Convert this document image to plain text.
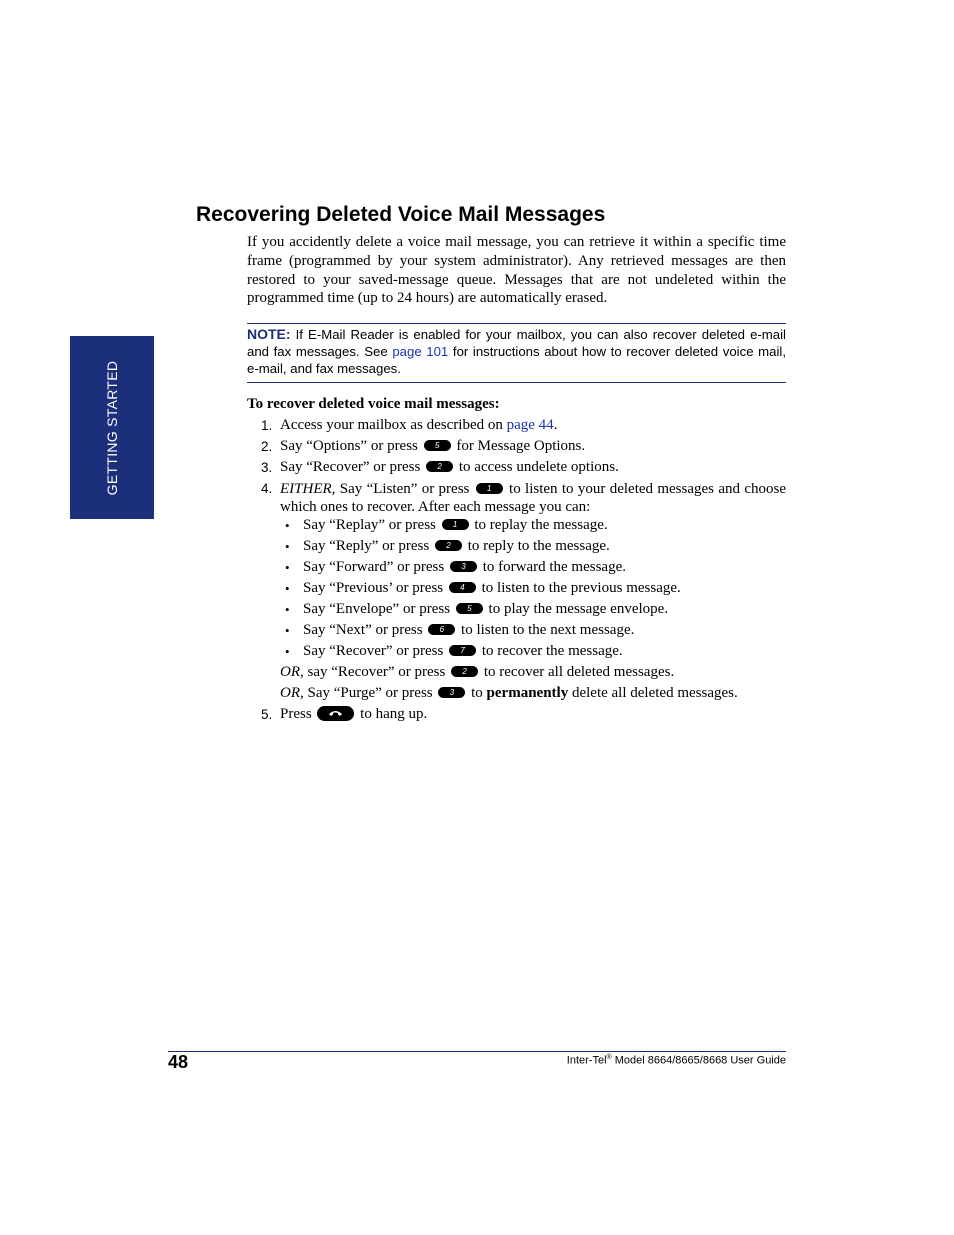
GETTING STARTED
Recovering Deleted Voice Mail Messages

If you accidently delete a voice mail message, you can retrieve it within a specific time frame (programmed by your system administrator). Any retrieved messages are then restored to your saved-message queue. Messages that are not undeleted within the programmed time (up to 24 hours) are automatically erased.

NOTE: If E-Mail Reader is enabled for your mailbox, you can also recover deleted e-mail and fax messages. See page 101 for instructions about how to recover deleted voice mail, e-mail, and fax messages.
To recover deleted voice mail messages:
1. Access your mailbox as described on page 44.
2. Say “Options” or press 5 for Message Options.
3. Say “Recover” or press 2 to access undelete options.
4. EITHER, Say “Listen” or press 1 to listen to your deleted messages and choose which ones to recover. After each message you can:
• Say “Replay” or press 1 to replay the message.
• Say “Reply” or press 2 to reply to the message.
• Say “Forward” or press 3 to forward the message.
• Say “Previous’ or press 4 to listen to the previous message.
• Say “Envelope” or press 5 to play the message envelope.
• Say “Next” or press 6 to listen to the next message.
• Say “Recover” or press 7 to recover the message.
OR, say “Recover” or press 2 to recover all deleted messages.
OR, Say “Purge” or press 3 to permanently delete all deleted messages.
5. Press	to hang up.
48	Inter-Tel® Model 8664/8665/8668 User Guide
